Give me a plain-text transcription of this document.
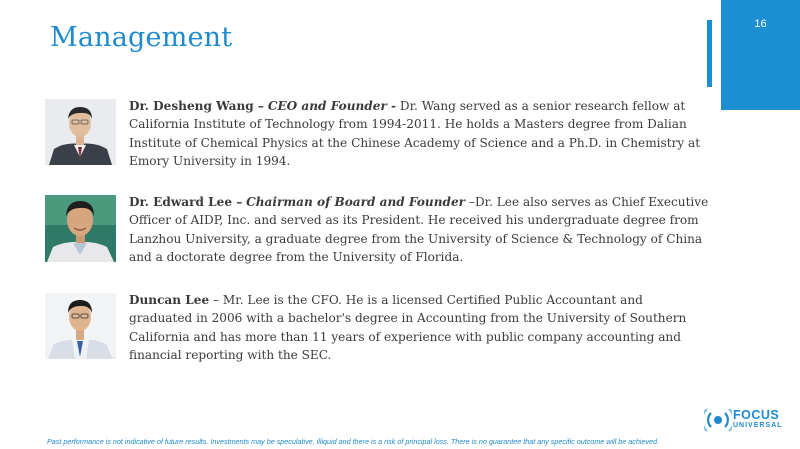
Management	16
Dr. Desheng Wang – CEO and Founder - Dr. Wang served as a senior research fellow at California Institute of Technology from 1994-2011. He holds a Masters degree from Dalian Institute of Chemical Physics at the Chinese Academy of Science and a Ph.D. in Chemistry at Emory University in 1994.
Dr. Edward Lee – Chairman of Board and Founder –Dr. Lee also serves as Chief Executive Officer of AIDP, Inc. and served as its President. He received his undergraduate degree from Lanzhou University, a graduate degree from the University of Science & Technology of China and a doctorate degree from the University of Florida.
Duncan Lee – Mr. Lee is the CFO. He is a licensed Certified Public Accountant and graduated in 2006 with a bachelor's degree in Accounting from the University of Southern California and has more than 11 years of experience with public company accounting and financial reporting with the SEC.
FOCUS
UNIVERSAL
Past performance is not indicative of future results. Investments may be speculative, illiquid and there is a risk of principal loss. There is no guarantee that any specific outcome will be achieved.
